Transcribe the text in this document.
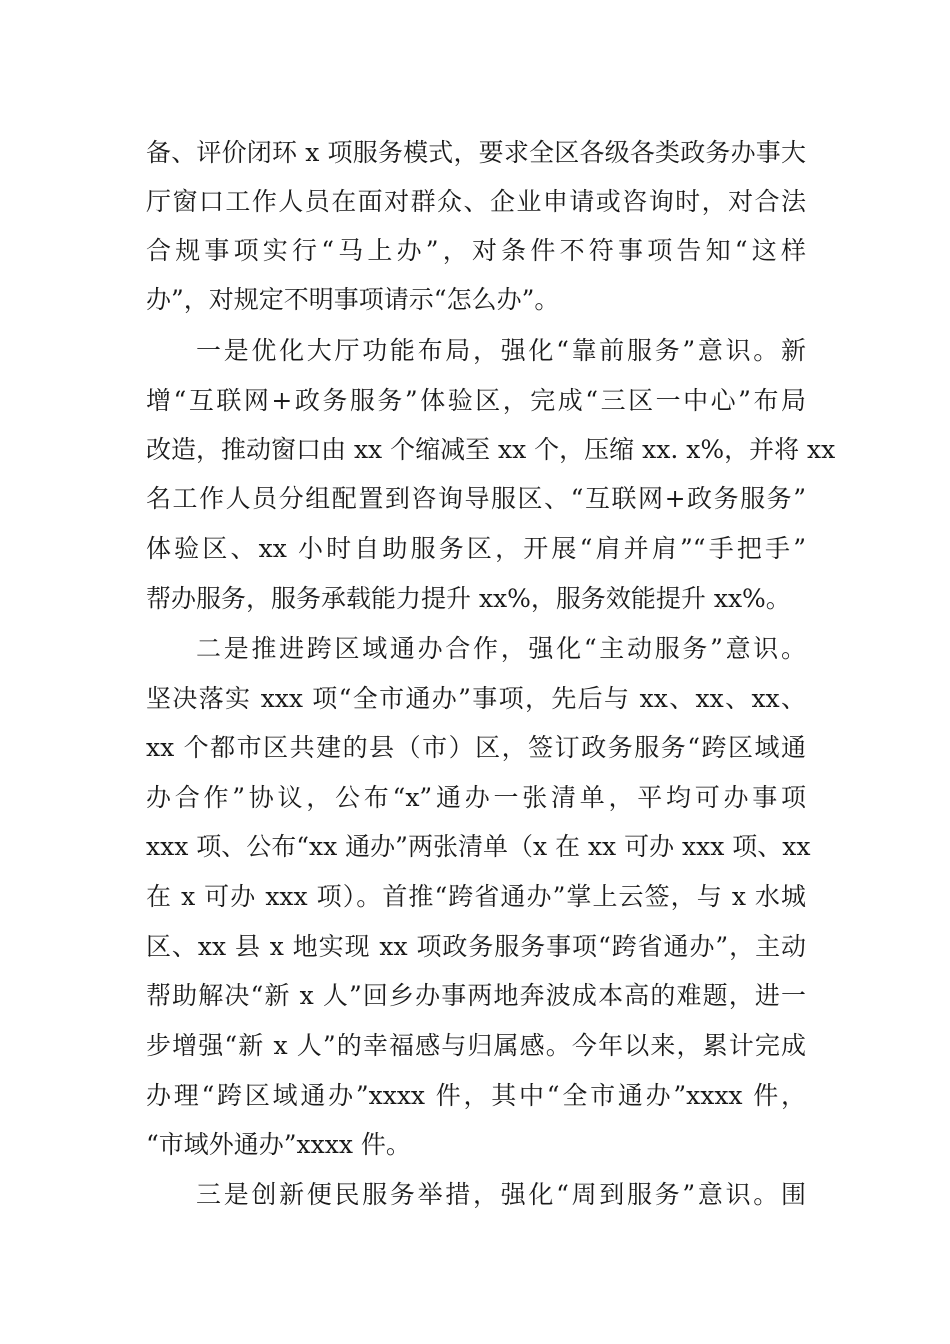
备、评价闭环 x 项服务模式，要求全区各级各类政务办事大
厅窗口工作人员在面对群众、企业申请或咨询时，对合法
合规事项实行“马上办”，对条件不符事项告知“这样
办”，对规定不明事项请示“怎么办”。
一是优化大厅功能布局，强化“靠前服务”意识。新
增“互联网+政务服务”体验区，完成“三区一中心”布局
改造，推动窗口由 xx 个缩减至 xx 个，压缩 xx. x%，并将 xx
名工作人员分组配置到咨询导服区、“互联网+政务服务”
体验区、xx 小时自助服务区，开展“肩并肩”“手把手”
帮办服务，服务承载能力提升 xx%，服务效能提升 xx%。
二是推进跨区域通办合作，强化“主动服务”意识。
坚决落实 xxx 项“全市通办”事项，先后与 xx、xx、xx、
xx 个都市区共建的县（市）区，签订政务服务“跨区域通
办合作”协议，公布“x”通办一张清单，平均可办事项
xxx 项、公布“xx 通办”两张清单（x 在 xx 可办 xxx 项、xx
在 x 可办 xxx 项）。首推“跨省通办”掌上云签，与 x 水城
区、xx 县 x 地实现 xx 项政务服务事项“跨省通办”，主动
帮助解决“新 x 人”回乡办事两地奔波成本高的难题，进一
步增强“新 x 人”的幸福感与归属感。今年以来，累计完成
办理“跨区域通办”xxxx 件，其中“全市通办”xxxx 件，
“市域外通办”xxxx 件。
三是创新便民服务举措，强化“周到服务”意识。围
